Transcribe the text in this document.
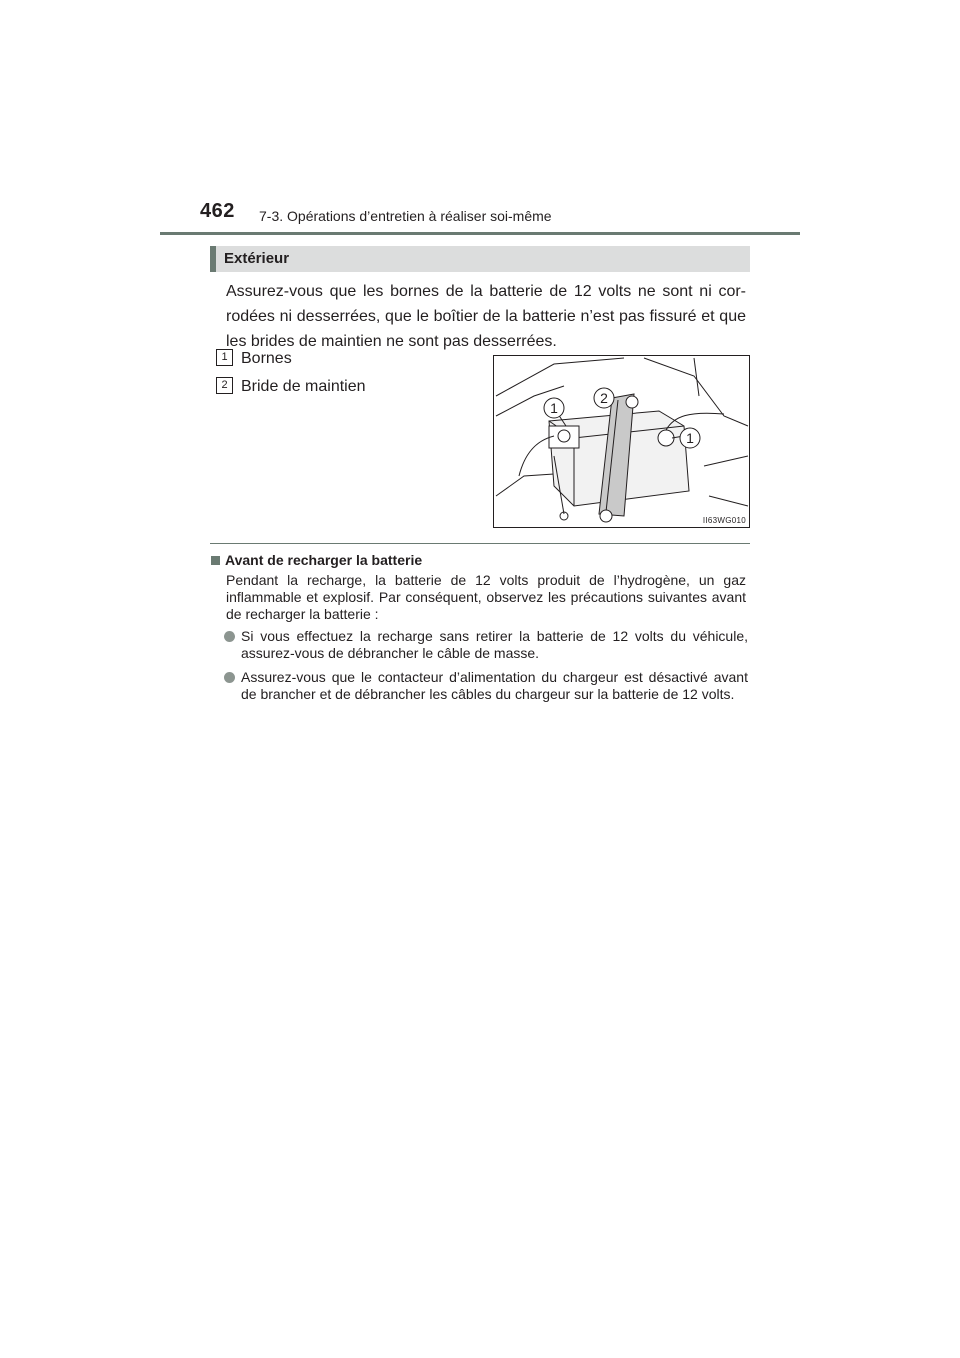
462 7-3. Opérations d’entretien à réaliser soi-même
Extérieur
Assurez-vous que les bornes de la batterie de 12 volts ne sont ni cor-rodées ni desserrées, que le boîtier de la batterie n’est pas fissuré et que les brides de maintien ne sont pas desserrées.
1 Bornes
2 Bride de maintien
1
2
1
II63WG010
Avant de recharger la batterie
Pendant la recharge, la batterie de 12 volts produit de l’hydrogène, un gaz inflammable et explosif. Par conséquent, observez les précautions suivantes avant de recharger la batterie :
Si vous effectuez la recharge sans retirer la batterie de 12 volts du véhicule, assurez-vous de débrancher le câble de masse.
Assurez-vous que le contacteur d’alimentation du chargeur est désactivé avant de brancher et de débrancher les câbles du chargeur sur la batterie de 12 volts.
